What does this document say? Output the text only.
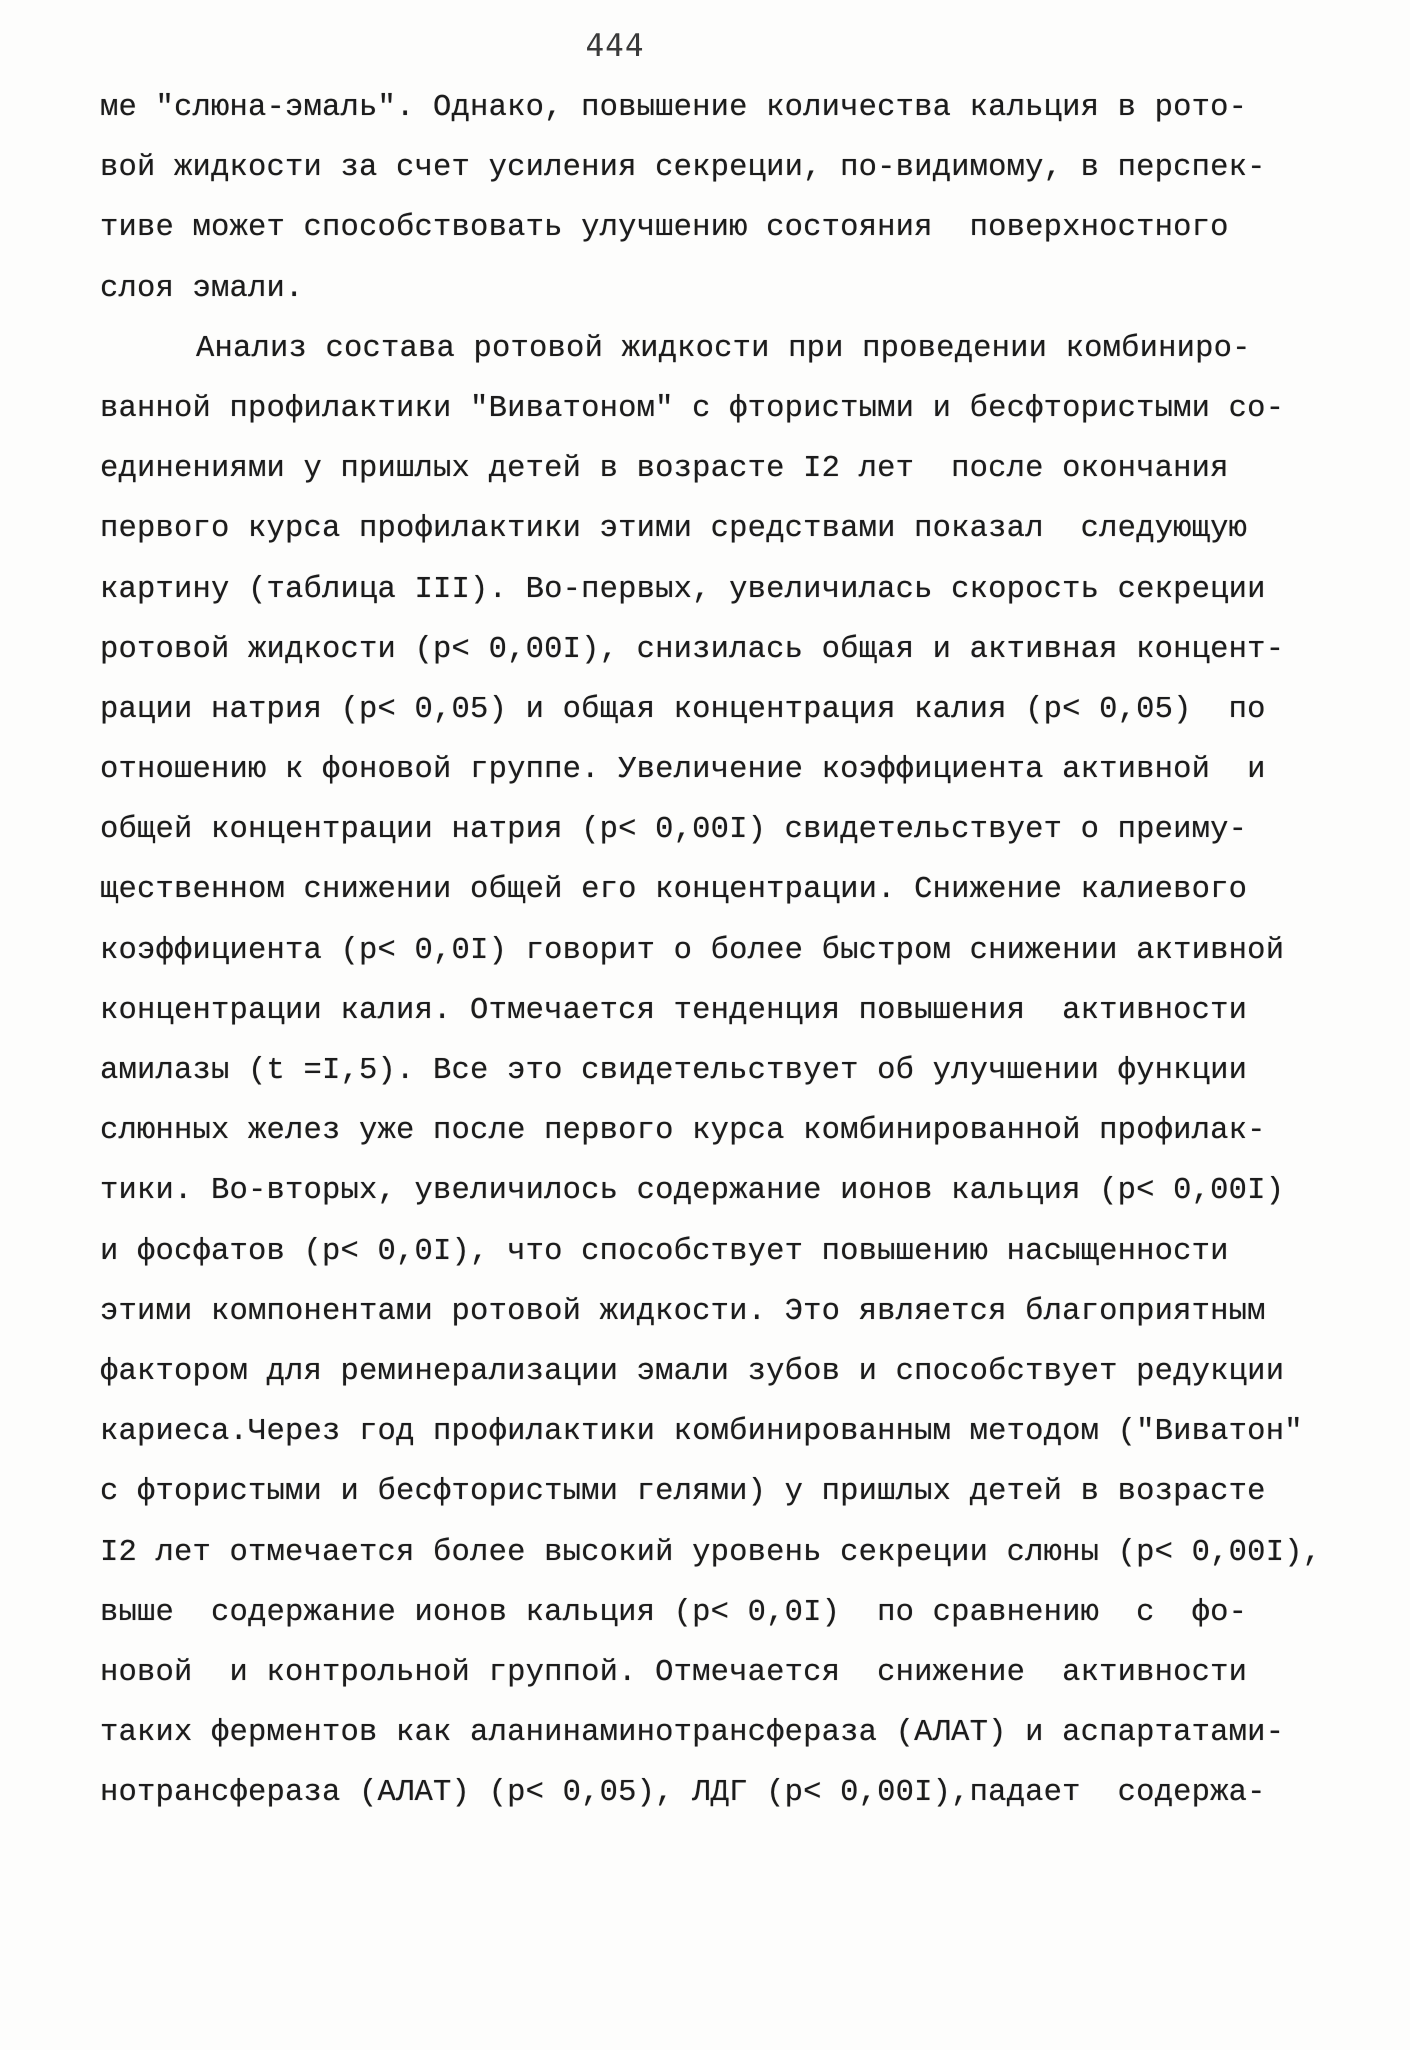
444
ме "слюна-эмаль". Однако, повышение количества кальция в рото-
вой жидкости за счет усиления секреции, по-видимому, в перспек-
тиве может способствовать улучшению состояния  поверхностного
слоя эмали.
Анализ состава ротовой жидкости при проведении комбиниро-
ванной профилактики "Виватоном" с фтористыми и бесфтористыми со-
единениями у пришлых детей в возрасте I2 лет  после окончания
первого курса профилактики этими средствами показал  следующую
картину (таблица III). Во-первых, увеличилась скорость секреции
ротовой жидкости (p< 0,00I), снизилась общая и активная концент-
рации натрия (p< 0,05) и общая концентрация калия (p< 0,05)  по
отношению к фоновой группе. Увеличение коэффициента активной  и
общей концентрации натрия (p< 0,00I) свидетельствует о преиму-
щественном снижении общей его концентрации. Снижение калиевого
коэффициента (p< 0,0I) говорит о более быстром снижении активной
концентрации калия. Отмечается тенденция повышения  активности
амилазы (t =I,5). Все это свидетельствует об улучшении функции
слюнных желез уже после первого курса комбинированной профилак-
тики. Во-вторых, увеличилось содержание ионов кальция (p< 0,00I)
и фосфатов (p< 0,0I), что способствует повышению насыщенности
этими компонентами ротовой жидкости. Это является благоприятным
фактором для реминерализации эмали зубов и способствует редукции
кариеса.Через год профилактики комбинированным методом ("Виватон"
с фтористыми и бесфтористыми гелями) у пришлых детей в возрасте
I2 лет отмечается более высокий уровень секреции слюны (p< 0,00I),
выше  содержание ионов кальция (p< 0,0I)  по сравнению  с  фо-
новой  и контрольной группой. Отмечается  снижение  активности
таких ферментов как аланинаминотрансфераза (АЛАТ) и аспартатами-
нотрансфераза (АЛАТ) (p< 0,05), ЛДГ (p< 0,00I),падает  содержа-
